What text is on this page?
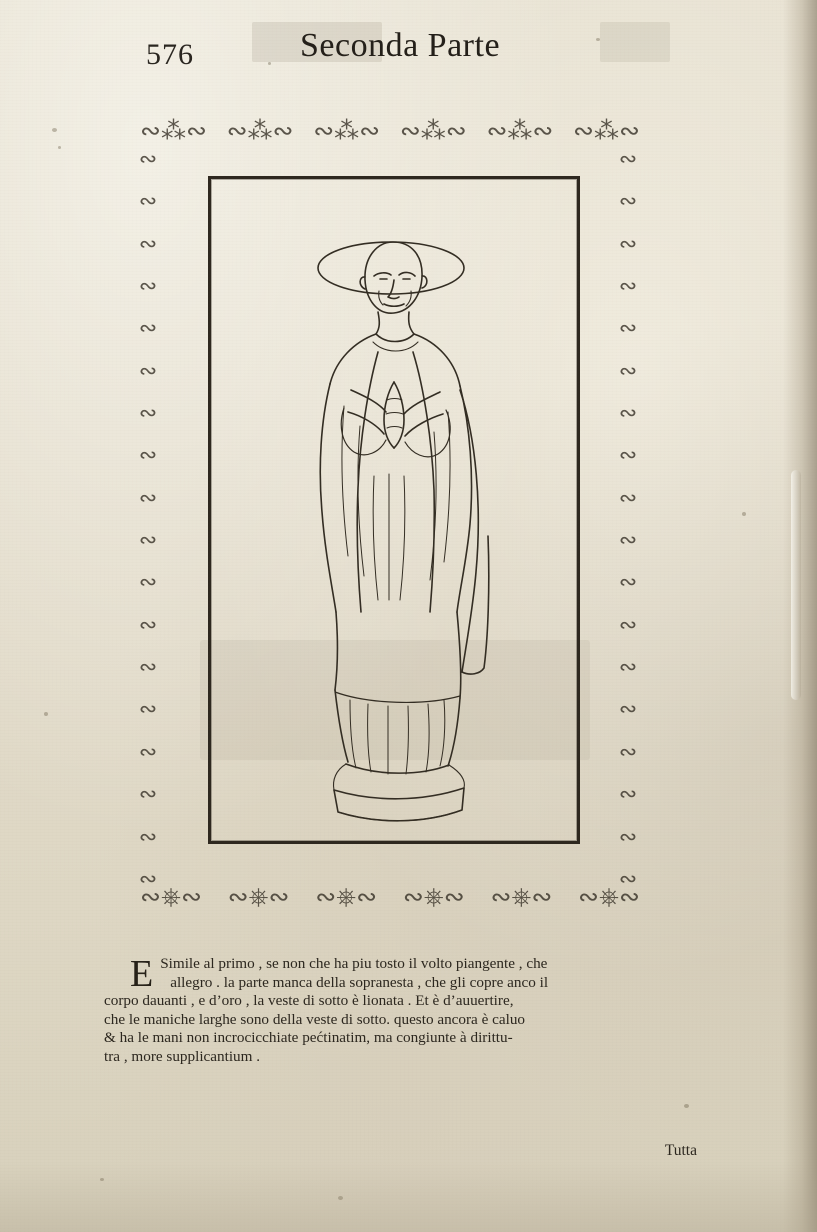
576	Seconda Parte
∾⁂∾ ∾⁂∾ ∾⁂∾ ∾⁂∾ ∾⁂∾ ∾⁂∾
∾⎈∾ ∾⎈∾ ∾⎈∾ ∾⎈∾ ∾⎈∾ ∾⎈∾
∾
∾
∾
∾
∾
∾
∾
∾
∾
∾
∾
∾
∾
∾
∾
∾
∾
∾
∾
∾
∾
∾
∾
∾
∾
∾
∾
∾
∾
∾
∾
∾
∾
∾
∾
∾
E Simile al primo , se non che ha piu tosto il volto piangente , che

allegro . la parte manca della sopranesta , che gli copre anco il

corpo dauanti , e d’oro , la veste di sotto è lionata . Et è d’auuertire,

che le maniche larghe sono della veste di sotto. questo ancora è caluo

& ha le mani non incrocicchiate pećtinatim, ma congiunte à dirittu-

tra , more supplicantium .

Tutta
